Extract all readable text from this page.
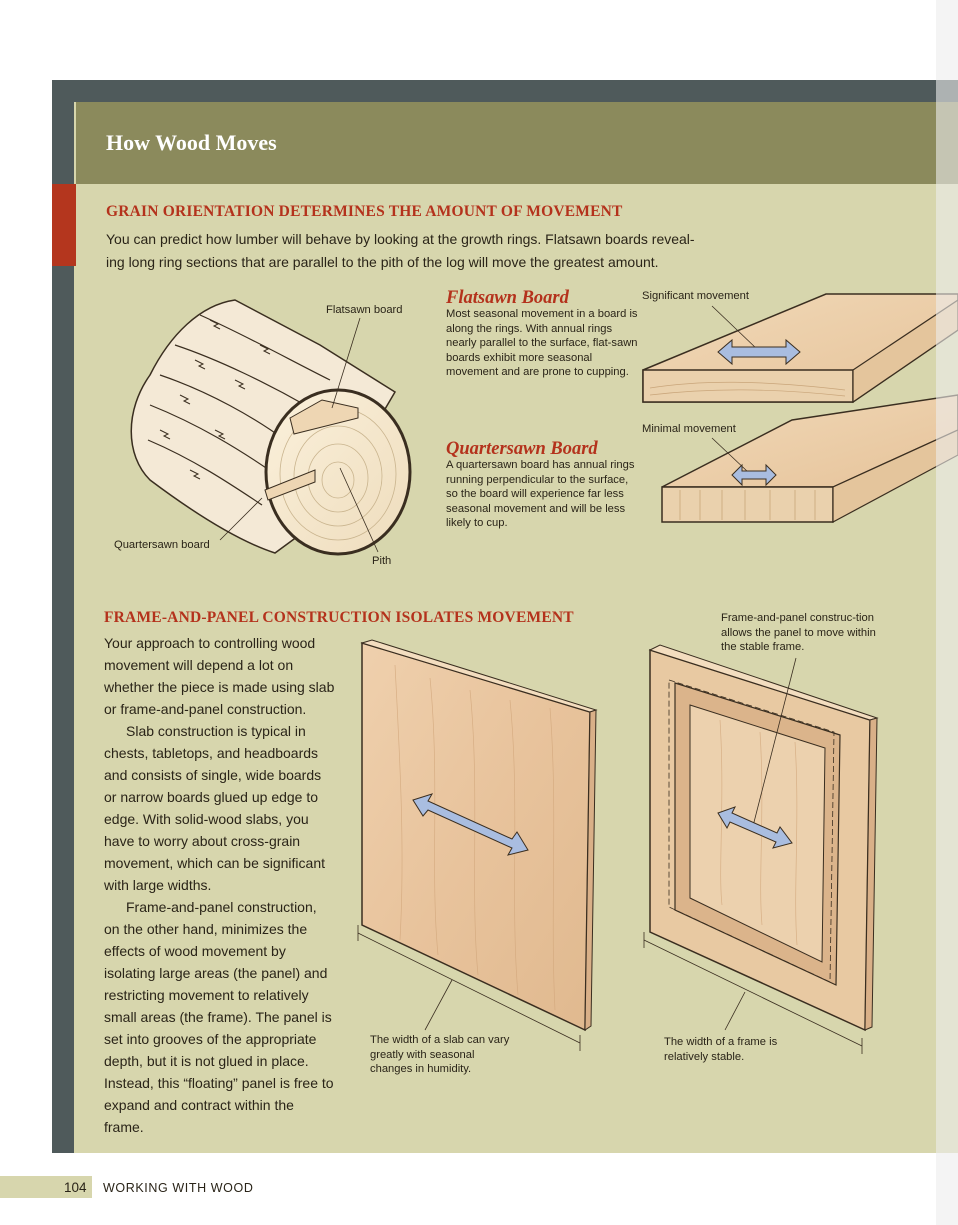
How Wood Moves
GRAIN ORIENTATION DETERMINES THE AMOUNT OF MOVEMENT

You can predict how lumber will behave by looking at the growth rings. Flatsawn boards reveal-ing long ring sections that are parallel to the pith of the log will move the greatest amount.

Flatsawn board
Quartersawn board
Pith
Flatsawn Board

Most seasonal movement in a board is along the rings. With annual rings nearly parallel to the surface, flat-sawn boards exhibit more seasonal movement and are prone to cupping.

Quartersawn Board

A quartersawn board has annual rings running perpendicular to the surface, so the board will experience far less seasonal movement and will be less likely to cup.

Significant movement
Minimal movement
FRAME-AND-PANEL CONSTRUCTION ISOLATES MOVEMENT

Your approach to controlling wood movement will depend a lot on whether the piece is made using slab or frame-and-panel construction.

Slab construction is typical in chests, tabletops, and headboards and consists of single, wide boards or narrow boards glued up edge to edge. With solid-wood slabs, you have to worry about cross-grain movement, which can be significant with large widths.

Frame-and-panel construction, on the other hand, minimizes the effects of wood movement by isolating large areas (the panel) and restricting movement to relatively small areas (the frame). The panel is set into grooves of the appropriate depth, but it is not glued in place. Instead, this “floating” panel is free to expand and contract within the frame.

The width of a slab can vary greatly with seasonal changes in humidity.
The width of a frame is relatively stable.
Frame-and-panel construc-tion allows the panel to move within the stable frame.
104 WORKING WITH WOOD
